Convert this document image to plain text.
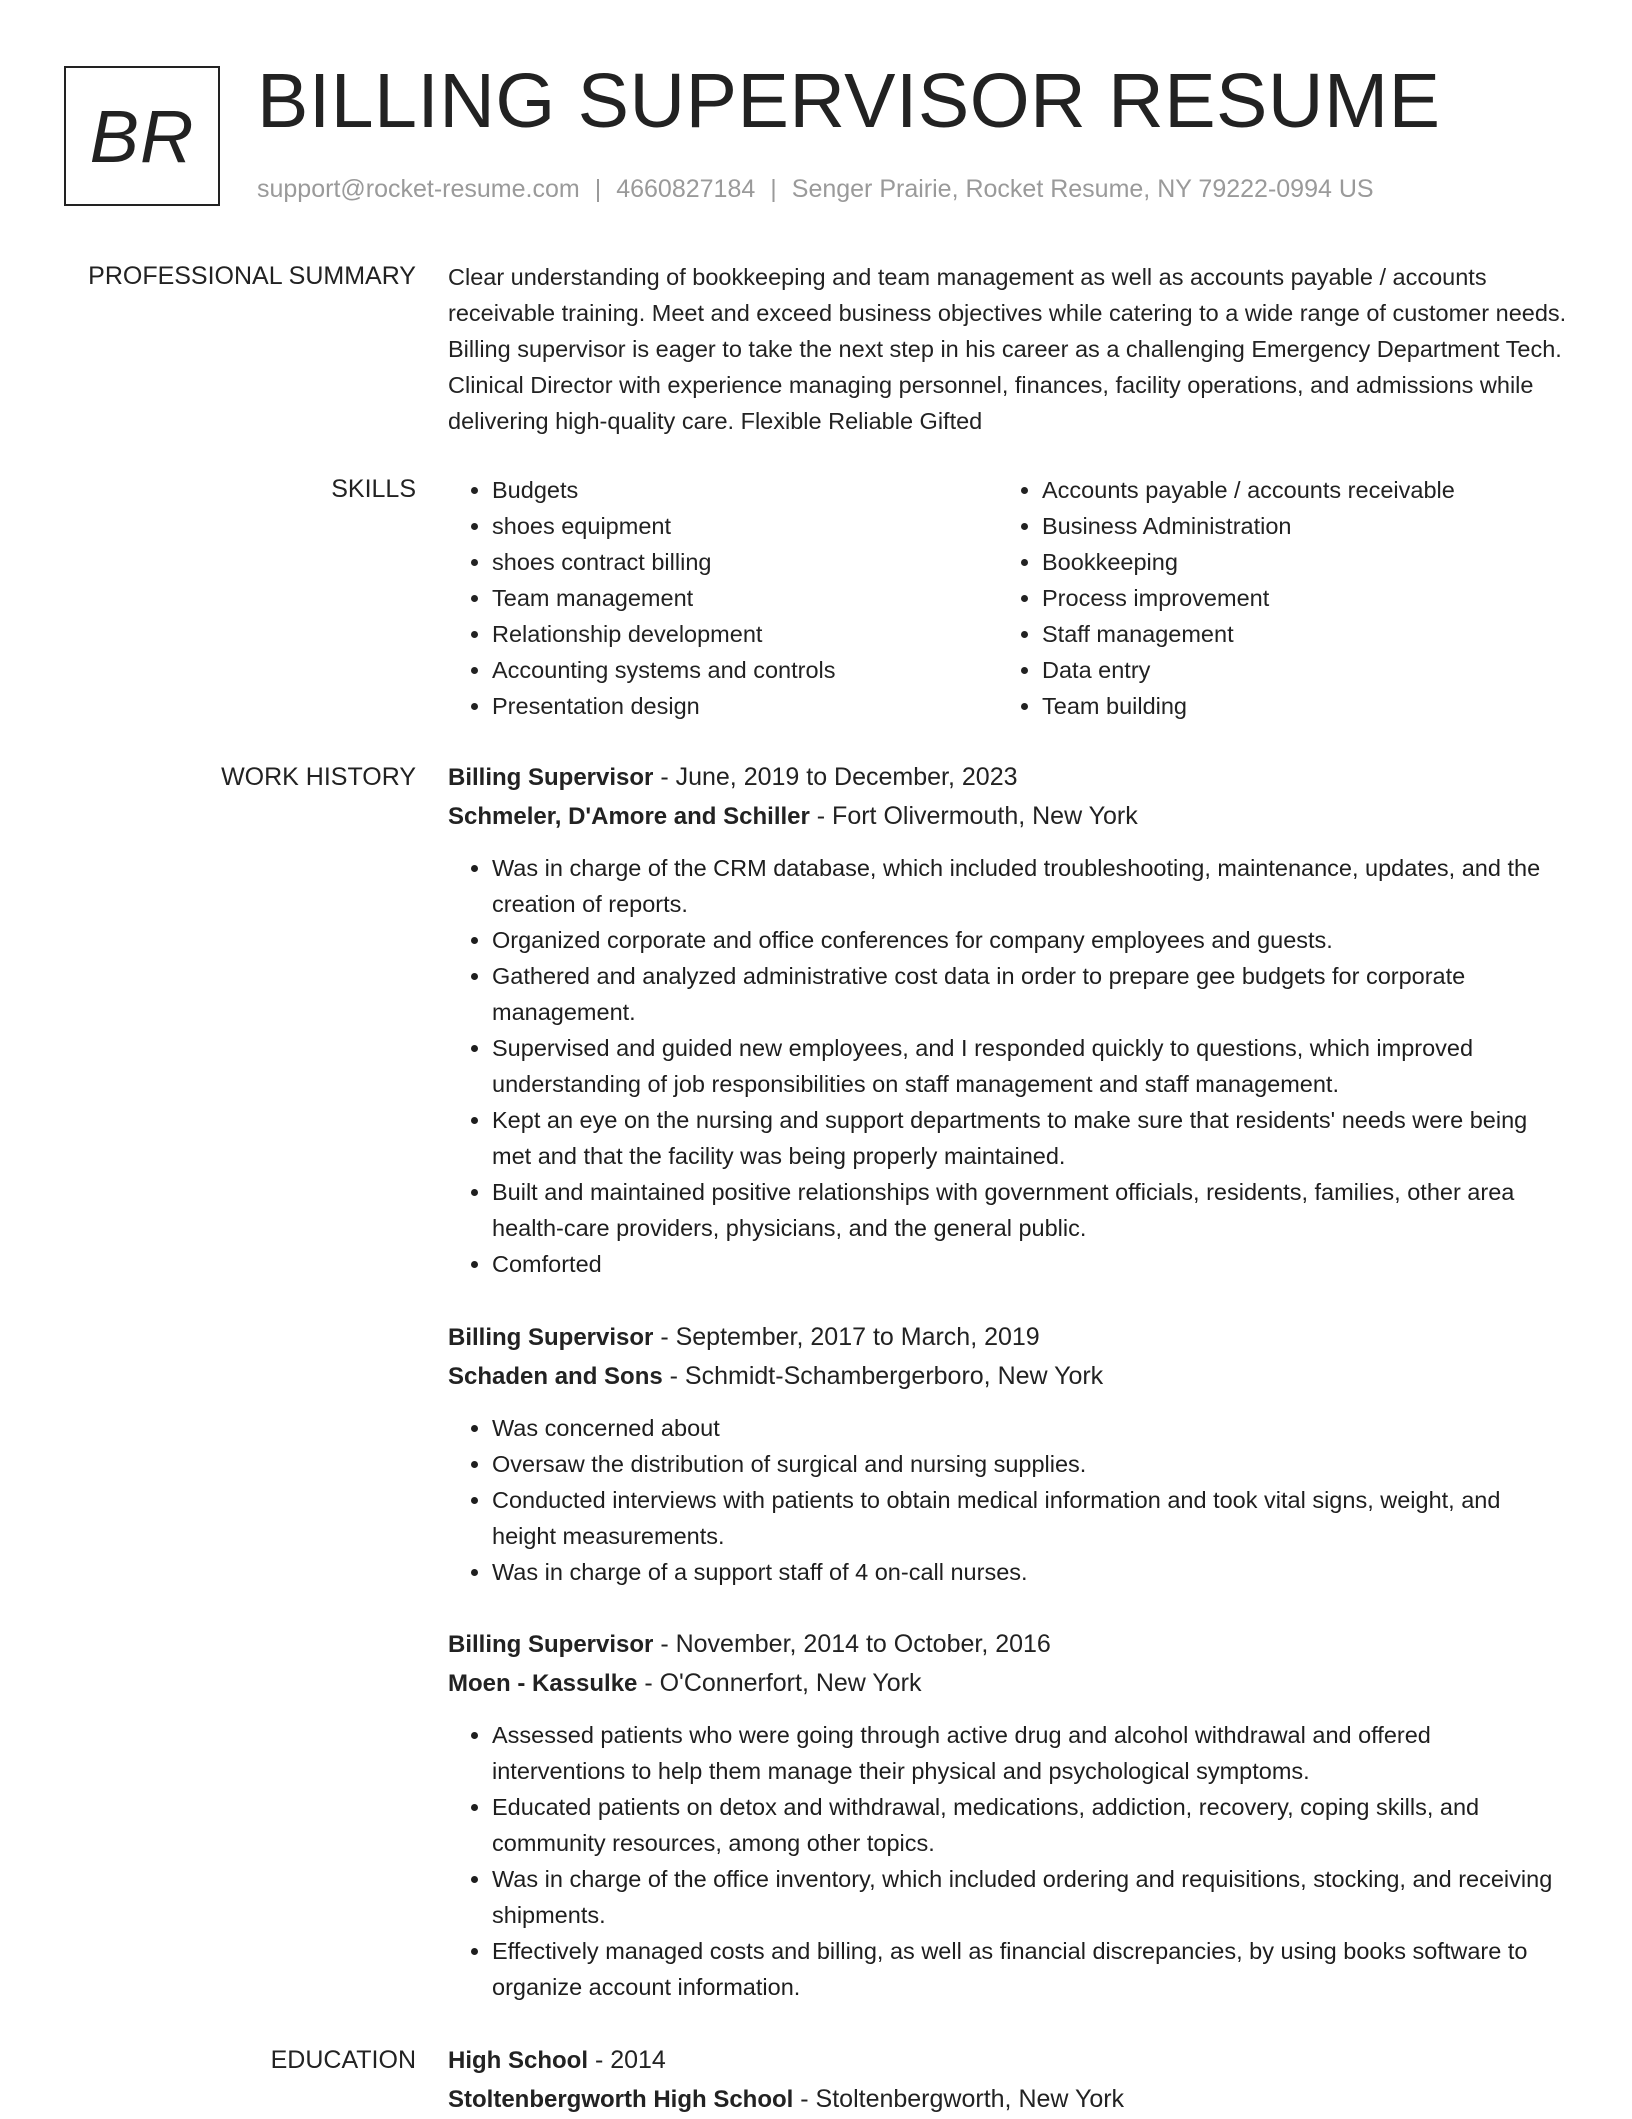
BR BILLING SUPERVISOR RESUME
support@rocket-resume.com | 4660827184 | Senger Prairie, Rocket Resume, NY 79222-0994 US
PROFESSIONAL SUMMARY Clear understanding of bookkeeping and team management as well as accounts payable / accounts receivable training. Meet and exceed business objectives while catering to a wide range of customer needs. Billing supervisor is eager to take the next step in his career as a challenging Emergency Department Tech. Clinical Director with experience managing personnel, finances, facility operations, and admissions while delivering high-quality care. Flexible Reliable Gifted
SKILLS
•	Budgets
• shoes equipment
• shoes contract billing
• Team management
• Relationship development
• Accounting systems and controls
• Presentation design
• Accounts payable / accounts receivable
• Business Administration
• Bookkeeping
• Process improvement
• Staff management
• Data entry
• Team building
WORK HISTORY Billing Supervisor - June, 2019 to December, 2023
Schmeler, D'Amore and Schiller - Fort Olivermouth, New York
• Was in charge of the CRM database, which included troubleshooting, maintenance, updates, and the creation of reports.
• Organized corporate and office conferences for company employees and guests.
• Gathered and analyzed administrative cost data in order to prepare gee budgets for corporate management.
• Supervised and guided new employees, and I responded quickly to questions, which improved understanding of job responsibilities on staff management and staff management.
• Kept an eye on the nursing and support departments to make sure that residents' needs were being met and that the facility was being properly maintained.
• Built and maintained positive relationships with government officials, residents, families, other area health-care providers, physicians, and the general public.
• Comforted
Billing Supervisor - September, 2017 to March, 2019
Schaden and Sons - Schmidt-Schambergerboro, New York
• Was concerned about
• Oversaw the distribution of surgical and nursing supplies.
• Conducted interviews with patients to obtain medical information and took vital signs, weight, and height measurements.
• Was in charge of a support staff of 4 on-call nurses.
Billing Supervisor - November, 2014 to October, 2016
Moen - Kassulke - O'Connerfort, New York
• Assessed patients who were going through active drug and alcohol withdrawal and offered interventions to help them manage their physical and psychological symptoms.
• Educated patients on detox and withdrawal, medications, addiction, recovery, coping skills, and community resources, among other topics.
• Was in charge of the office inventory, which included ordering and requisitions, stocking, and receiving shipments.
• Effectively managed costs and billing, as well as financial discrepancies, by using books software to organize account information.
EDUCATION High School - 2014
Stoltenbergworth High School - Stoltenbergworth, New York
